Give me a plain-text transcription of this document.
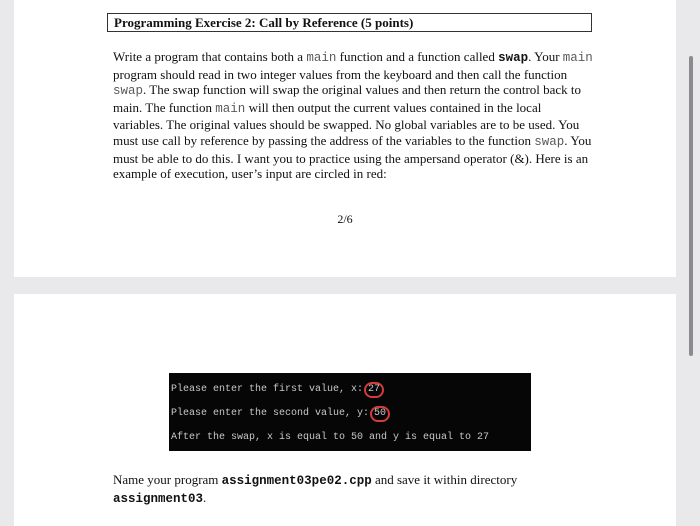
Programming Exercise 2: Call by Reference (5 points)
Write a program that contains both a main function and a function called swap. Your main program should read in two integer values from the keyboard and then call the function swap. The swap function will swap the original values and then return the control back to main. The function main will then output the current values contained in the local variables. The original values should be swapped. No global variables are to be used. You must use call by reference by passing the address of the variables to the function swap. You must be able to do this. I want you to practice using the ampersand operator (&). Here is an example of execution, user’s input are circled in red:
2/6
Please enter the first value, x: 27
Please enter the second value, y: 50
After the swap, x is equal to 50 and y is equal to 27
Name your program assignment03pe02.cpp and save it within directory
assignment03.
